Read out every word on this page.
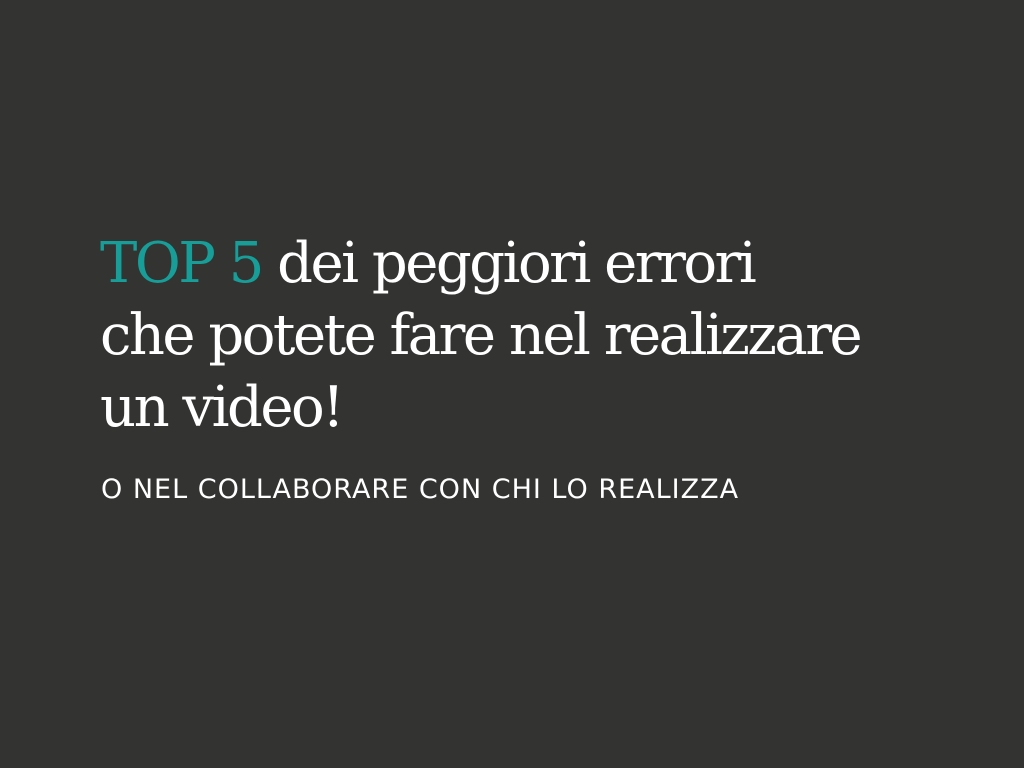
TOP 5 dei peggiori errori
che potete fare nel realizzare
un video!

O NEL COLLABORARE CON CHI LO REALIZZA
